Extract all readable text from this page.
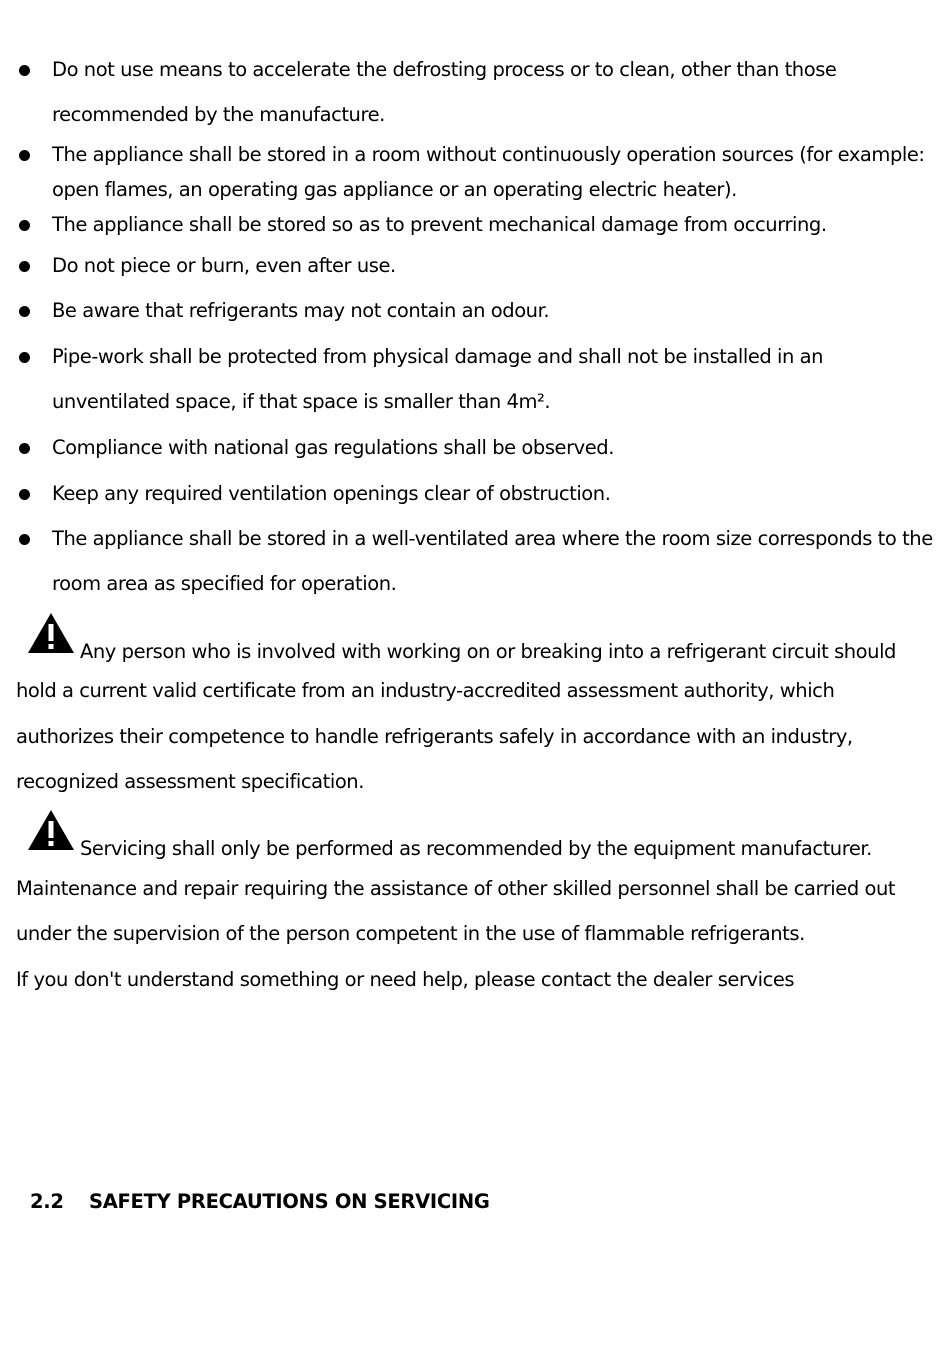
Do not use means to accelerate the defrosting process or to clean, other than those
recommended by the manufacture.
The appliance shall be stored in a room without continuously operation sources (for example:
open flames, an operating gas appliance or an operating electric heater).
The appliance shall be stored so as to prevent mechanical damage from occurring.
Do not piece or burn, even after use.
Be aware that refrigerants may not contain an odour.
Pipe-work shall be protected from physical damage and shall not be installed in an
unventilated space, if that space is smaller than 4m².
Compliance with national gas regulations shall be observed.
Keep any required ventilation openings clear of obstruction.
The appliance shall be stored in a well-ventilated area where the room size corresponds to the
room area as specified for operation.
Any person who is involved with working on or breaking into a refrigerant circuit should
hold a current valid certificate from an industry-accredited assessment authority, which
authorizes their competence to handle refrigerants safely in accordance with an industry,
recognized assessment specification.
Servicing shall only be performed as recommended by the equipment manufacturer.
Maintenance and repair requiring the assistance of other skilled personnel shall be carried out
under the supervision of the person competent in the use of flammable refrigerants.
If you don't understand something or need help, please contact the dealer services
2.2 SAFETY PRECAUTIONS ON SERVICING
